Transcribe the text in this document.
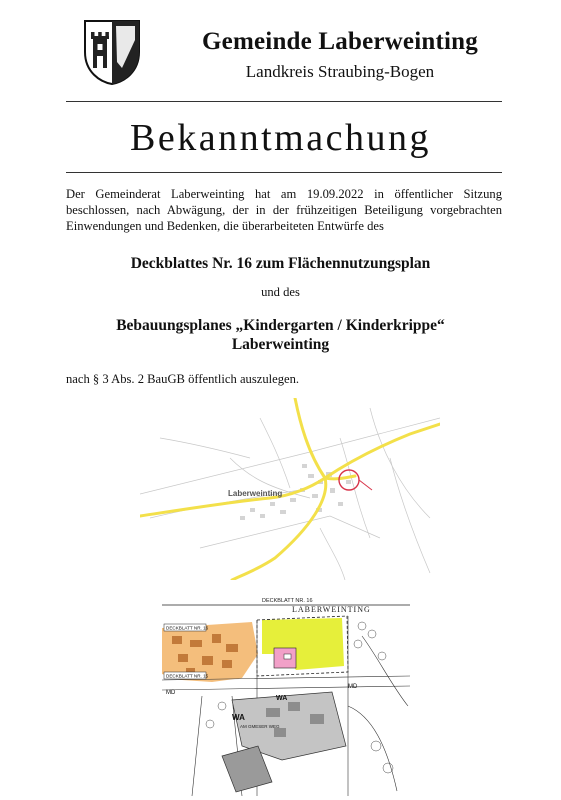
Gemeinde Laberweinting
Landkreis Straubing-Bogen
Bekanntmachung
Der Gemeinderat Laberweinting hat am 19.09.2022 in öffentlicher Sitzung beschlossen, nach Abwägung, der in der frühzeitigen Beteiligung vorgebrachten Einwendungen und Bedenken, die überarbeiteten Entwürfe des
Deckblattes Nr. 16 zum Flächennutzungsplan
und des
Bebauungsplanes „Kindergarten / Kinderkrippe“
Laberweinting
nach § 3 Abs. 2 BauGB öffentlich auszulegen.
Laberweinting
DECKBLATT NR. 16
LABERWEINTING
WA
MD
MD
WA
AM GMESER WEG
DECKBLATT NR. 16
DECKBLATT NR. 15
